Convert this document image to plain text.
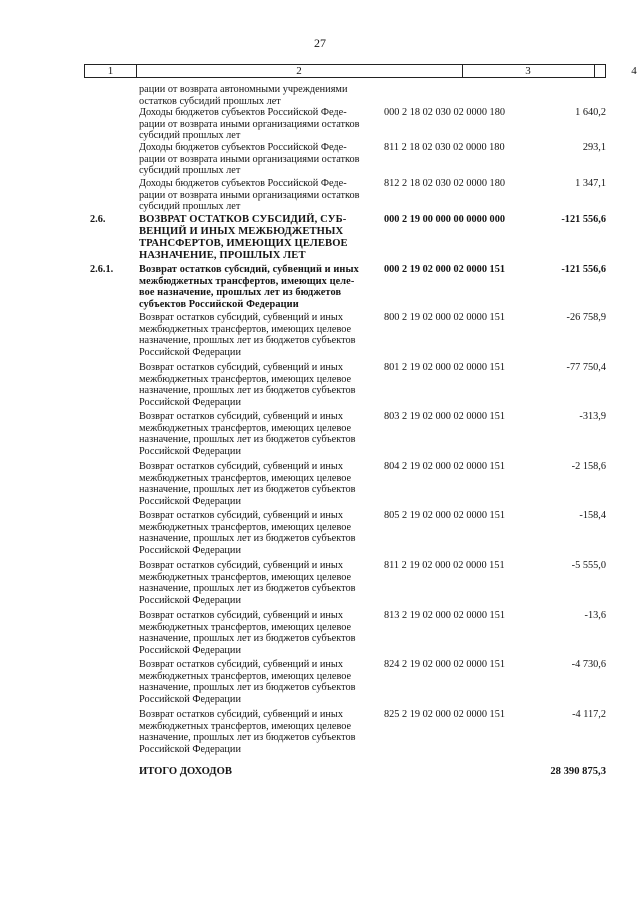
27
1	2	3	4
рации от возврата автономными учреждениями
остатков субсидий прошлых лет
Доходы бюджетов субъектов Российской Феде-
рации от возврата иными организациями остатков
субсидий прошлых лет
000 2 18 02 030 02 0000 180	1 640,2
Доходы бюджетов субъектов Российской Феде-
рации от возврата иными организациями остатков
субсидий прошлых лет
811 2 18 02 030 02 0000 180	293,1
Доходы бюджетов субъектов Российской Феде-
рации от возврата иными организациями остатков
субсидий прошлых лет
812 2 18 02 030 02 0000 180	1 347,1
2.6.	ВОЗВРАТ ОСТАТКОВ СУБСИДИЙ, СУБ-
ВЕНЦИЙ И ИНЫХ МЕЖБЮДЖЕТНЫХ
ТРАНСФЕРТОВ, ИМЕЮЩИХ ЦЕЛЕВОЕ
НАЗНАЧЕНИЕ, ПРОШЛЫХ ЛЕТ
000 2 19 00 000 00 0000 000	-121 556,6
2.6.1.	Возврат остатков субсидий, субвенций и иных
межбюджетных трансфертов, имеющих целе-
вое назначение, прошлых лет из бюджетов
субъектов Российской Федерации
000 2 19 02 000 02 0000 151	-121 556,6
Возврат остатков субсидий, субвенций и иных
межбюджетных трансфертов, имеющих целевое
назначение, прошлых лет из бюджетов субъектов
Российской Федерации
800 2 19 02 000 02 0000 151	-26 758,9
Возврат остатков субсидий, субвенций и иных
межбюджетных трансфертов, имеющих целевое
назначение, прошлых лет из бюджетов субъектов
Российской Федерации
801 2 19 02 000 02 0000 151	-77 750,4
Возврат остатков субсидий, субвенций и иных
межбюджетных трансфертов, имеющих целевое
назначение, прошлых лет из бюджетов субъектов
Российской Федерации
803 2 19 02 000 02 0000 151	-313,9
Возврат остатков субсидий, субвенций и иных
межбюджетных трансфертов, имеющих целевое
назначение, прошлых лет из бюджетов субъектов
Российской Федерации
804 2 19 02 000 02 0000 151	-2 158,6
Возврат остатков субсидий, субвенций и иных
межбюджетных трансфертов, имеющих целевое
назначение, прошлых лет из бюджетов субъектов
Российской Федерации
805 2 19 02 000 02 0000 151	-158,4
Возврат остатков субсидий, субвенций и иных
межбюджетных трансфертов, имеющих целевое
назначение, прошлых лет из бюджетов субъектов
Российской Федерации
811 2 19 02 000 02 0000 151	-5 555,0
Возврат остатков субсидий, субвенций и иных
межбюджетных трансфертов, имеющих целевое
назначение, прошлых лет из бюджетов субъектов
Российской Федерации
813 2 19 02 000 02 0000 151	-13,6
Возврат остатков субсидий, субвенций и иных
межбюджетных трансфертов, имеющих целевое
назначение, прошлых лет из бюджетов субъектов
Российской Федерации
824 2 19 02 000 02 0000 151	-4 730,6
Возврат остатков субсидий, субвенций и иных
межбюджетных трансфертов, имеющих целевое
назначение, прошлых лет из бюджетов субъектов
Российской Федерации
825 2 19 02 000 02 0000 151	-4 117,2
ИТОГО ДОХОДОВ	28 390 875,3
